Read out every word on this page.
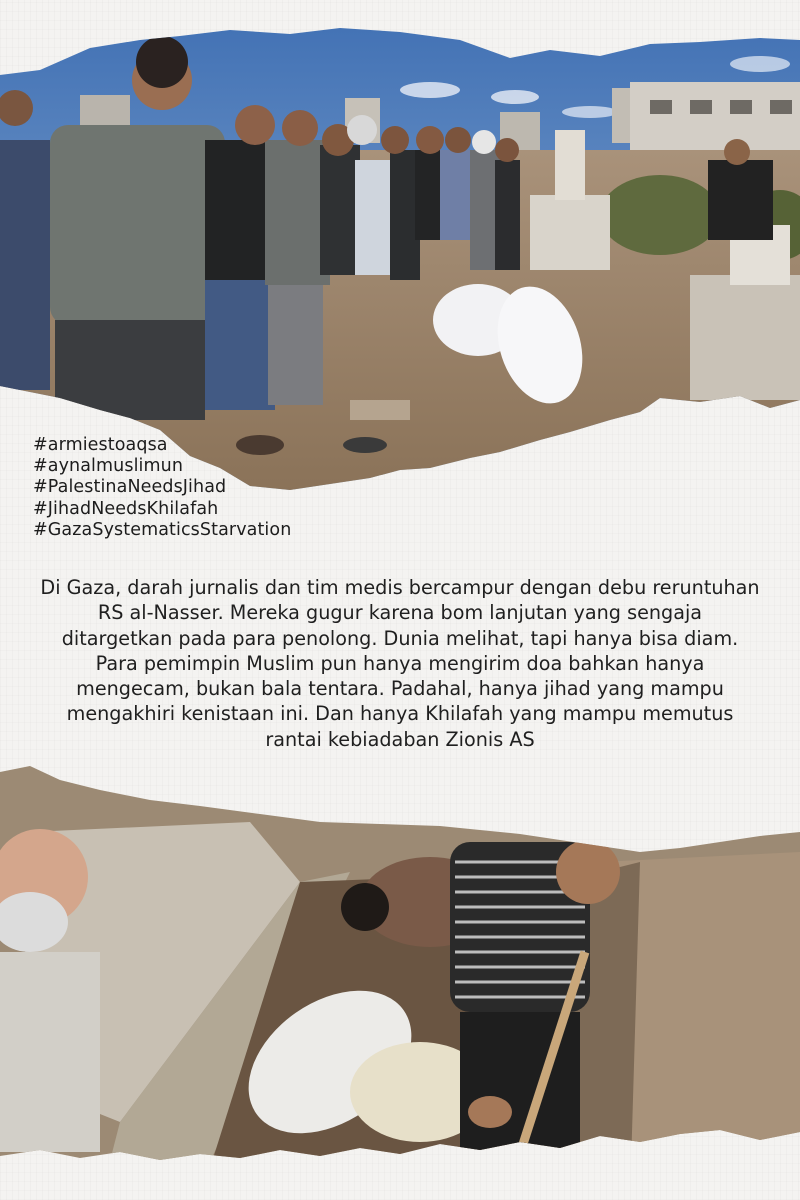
#armiestoaqsa
#aynalmuslimun
#PalestinaNeedsJihad
#JihadNeedsKhilafah
#GazaSystematicsStarvation
Di Gaza, darah jurnalis dan tim medis bercampur dengan debu reruntuhan RS al-Nasser. Mereka gugur karena bom lanjutan yang sengaja ditargetkan pada para penolong. Dunia melihat, tapi hanya bisa diam. Para pemimpin Muslim pun hanya mengirim doa bahkan hanya mengecam, bukan bala tentara. Padahal, hanya jihad yang mampu mengakhiri kenistaan ini. Dan hanya Khilafah yang mampu memutus rantai kebiadaban Zionis AS
